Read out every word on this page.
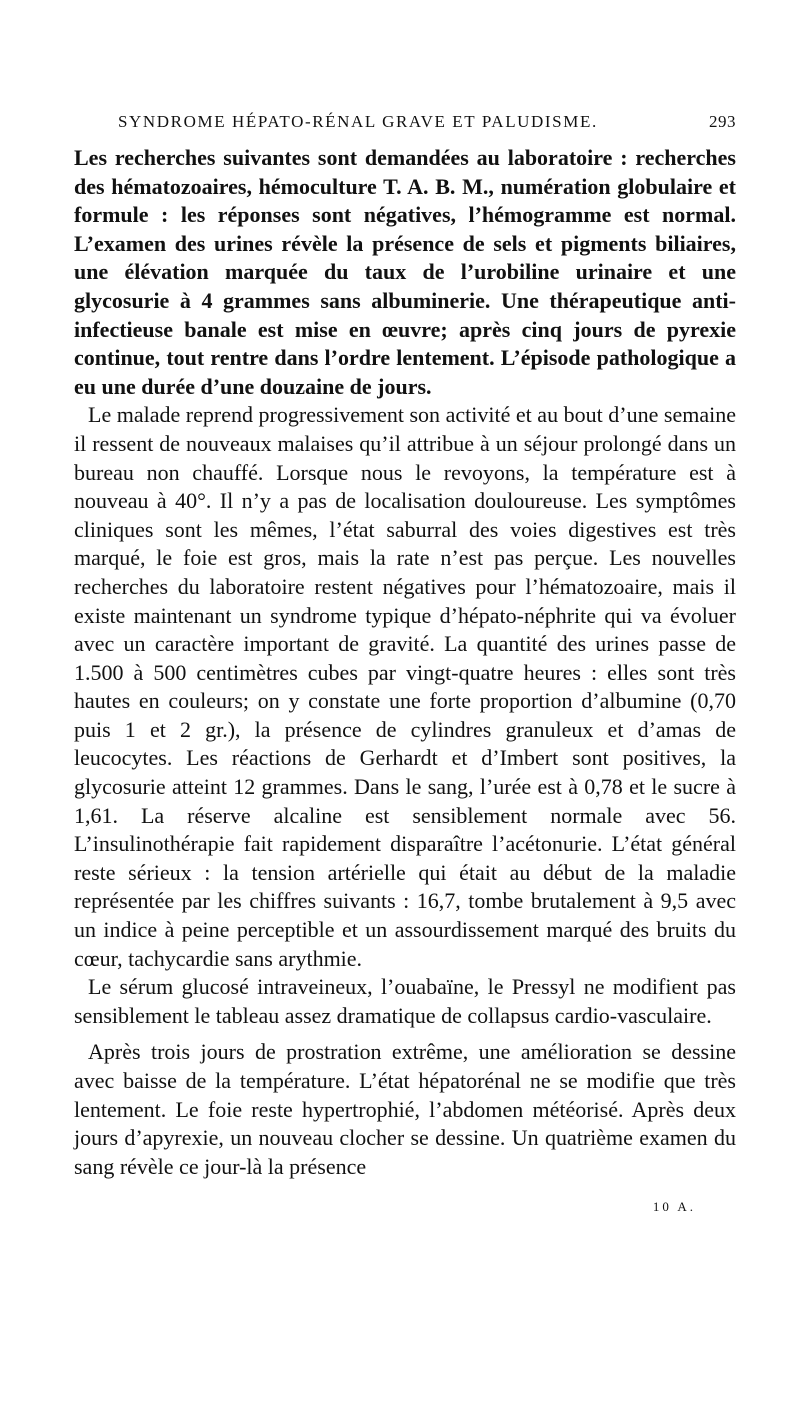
SYNDROME HÉPATO-RÉNAL GRAVE ET PALUDISME.	293

Les recherches suivantes sont demandées au laboratoire : recherches des hématozoaires, hémoculture T. A. B. M., numération globulaire et formule : les réponses sont négatives, l’hémogramme est normal. L’examen des urines révèle la présence de sels et pigments biliaires, une élévation marquée du taux de l’urobiline urinaire et une glycosurie à 4 grammes sans albuminerie. Une thérapeutique anti-infectieuse banale est mise en œuvre; après cinq jours de pyrexie continue, tout rentre dans l’ordre lentement. L’épisode pathologique a eu une durée d’une douzaine de jours.

Le malade reprend progressivement son activité et au bout d’une semaine il ressent de nouveaux malaises qu’il attribue à un séjour prolongé dans un bureau non chauffé. Lorsque nous le revoyons, la température est à nouveau à 40°. Il n’y a pas de localisation douloureuse. Les symptômes cliniques sont les mêmes, l’état saburral des voies digestives est très marqué, le foie est gros, mais la rate n’est pas perçue. Les nouvelles recherches du laboratoire restent négatives pour l’hématozoaire, mais il existe maintenant un syndrome typique d’hépato-néphrite qui va évoluer avec un caractère important de gravité. La quantité des urines passe de 1.500 à 500 centimètres cubes par vingt-quatre heures : elles sont très hautes en couleurs; on y constate une forte proportion d’albumine (0,70 puis 1 et 2 gr.), la présence de cylindres granuleux et d’amas de leucocytes. Les réactions de Gerhardt et d’Imbert sont positives, la glycosurie atteint 12 grammes. Dans le sang, l’urée est à 0,78 et le sucre à 1,61. La réserve alcaline est sensiblement normale avec 56. L’insulinothérapie fait rapidement disparaître l’acétonurie. L’état général reste sérieux : la tension artérielle qui était au début de la maladie représentée par les chiffres suivants : 16,7, tombe brutalement à 9,5 avec un indice à peine perceptible et un assourdissement marqué des bruits du cœur, tachycardie sans arythmie.

Le sérum glucosé intraveineux, l’ouabaïne, le Pressyl ne modifient pas sensiblement le tableau assez dramatique de collapsus cardio-vasculaire.

Après trois jours de prostration extrême, une amélioration se dessine avec baisse de la température. L’état hépatorénal ne se modifie que très lentement. Le foie reste hypertrophié, l’abdomen météorisé. Après deux jours d’apyrexie, un nouveau clocher se dessine. Un quatrième examen du sang révèle ce jour-là la présence

10 A.
